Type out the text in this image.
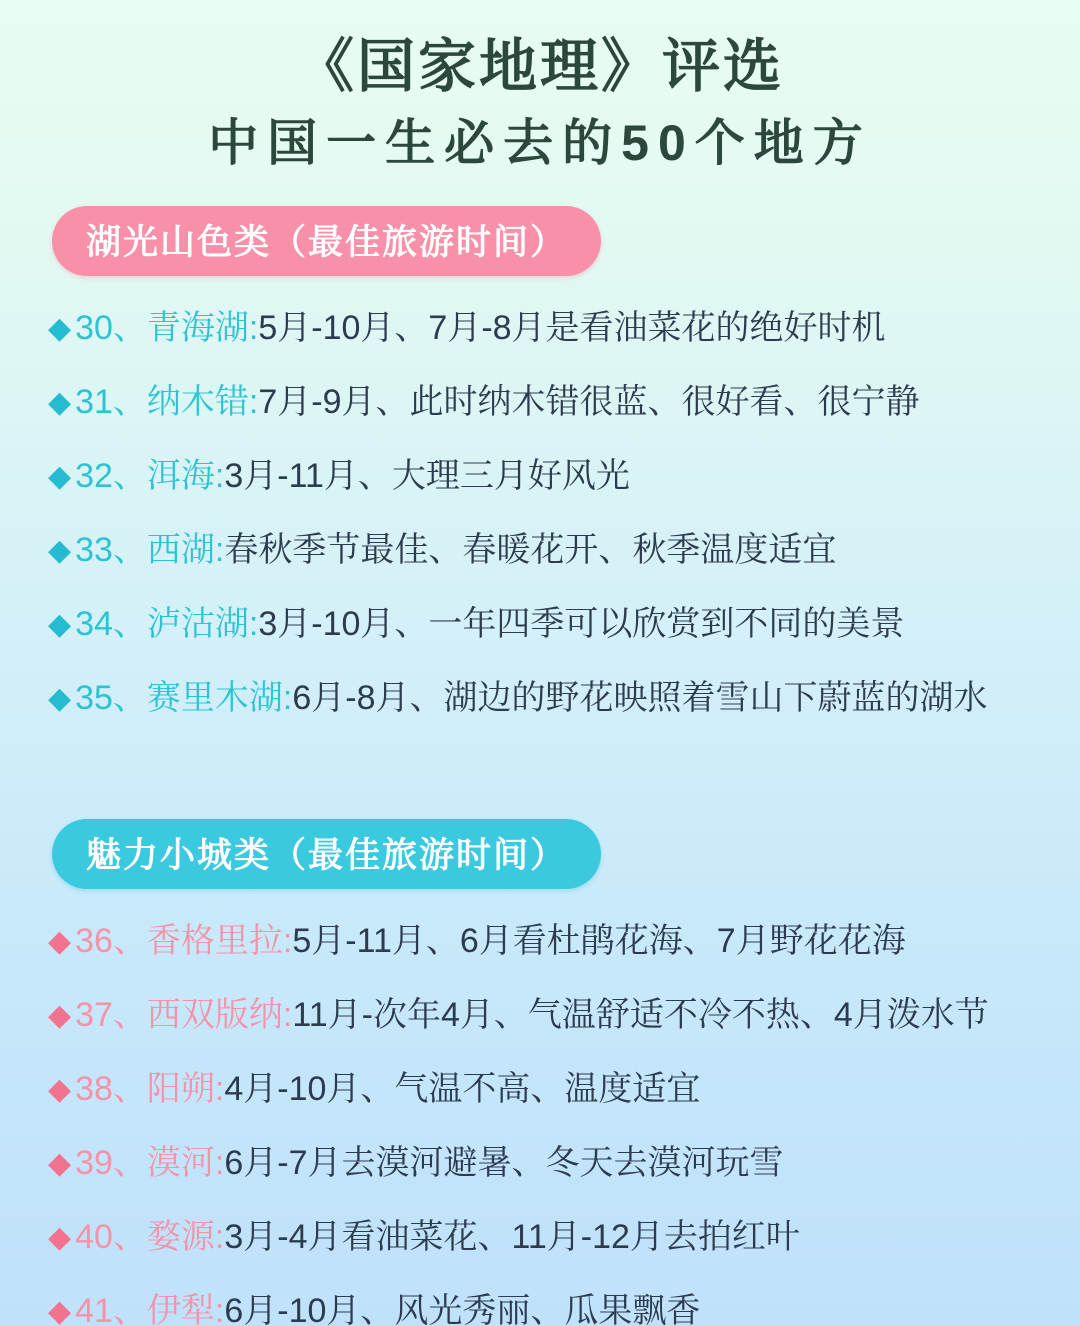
《国家地理》评选
中国一生必去的50个地方
湖光山色类（最佳旅游时间）
◆ 30、青海湖:5月-10月、7月-8月是看油菜花的绝好时机
◆ 31、纳木错:7月-9月、此时纳木错很蓝、很好看、很宁静
◆ 32、洱海:3月-11月、大理三月好风光
◆ 33、西湖:春秋季节最佳、春暖花开、秋季温度适宜
◆ 34、泸沽湖:3月-10月、一年四季可以欣赏到不同的美景
◆ 35、赛里木湖:6月-8月、湖边的野花映照着雪山下蔚蓝的湖水
魅力小城类（最佳旅游时间）
◆ 36、香格里拉:5月-11月、6月看杜鹃花海、7月野花花海
◆ 37、西双版纳:11月-次年4月、气温舒适不冷不热、4月泼水节
◆ 38、阳朔:4月-10月、气温不高、温度适宜
◆ 39、漠河:6月-7月去漠河避暑、冬天去漠河玩雪
◆ 40、婺源:3月-4月看油菜花、11月-12月去拍红叶
◆ 41、伊犁:6月-10月、风光秀丽、瓜果飘香
